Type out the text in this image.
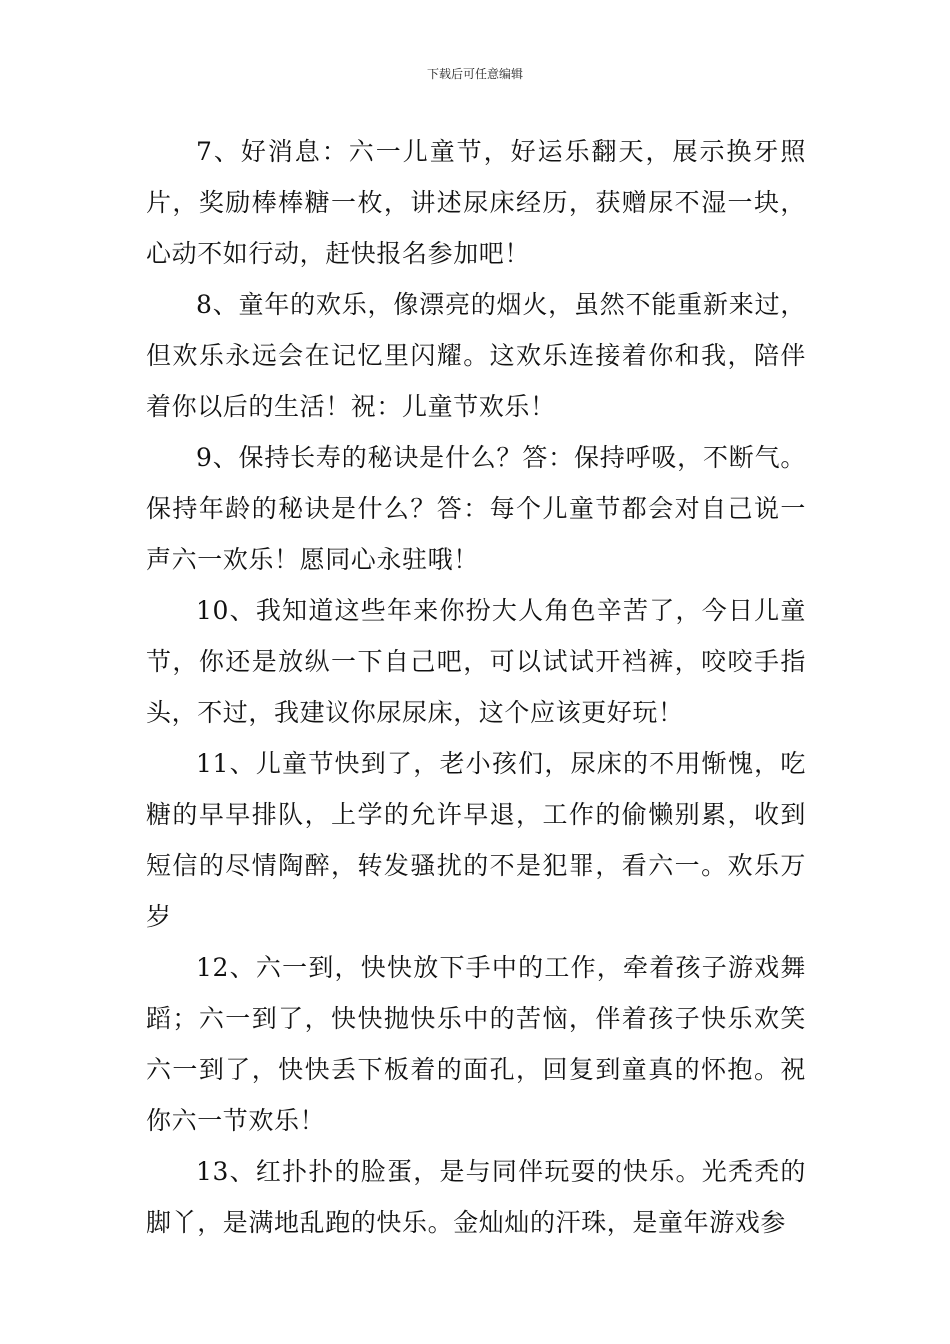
下载后可任意编辑

7、好消息：六一儿童节，好运乐翻天，展示换牙照片，奖励棒棒糖一枚，讲述尿床经历，获赠尿不湿一块，心动不如行动，赶快报名参加吧！

8、童年的欢乐，像漂亮的烟火，虽然不能重新来过，但欢乐永远会在记忆里闪耀。这欢乐连接着你和我，陪伴着你以后的生活！祝：儿童节欢乐！

9、保持长寿的秘诀是什么？答：保持呼吸，不断气。保持年龄的秘诀是什么？答：每个儿童节都会对自己说一声六一欢乐！愿同心永驻哦！

10、我知道这些年来你扮大人角色辛苦了，今日儿童节，你还是放纵一下自己吧，可以试试开裆裤，咬咬手指头，不过，我建议你尿尿床，这个应该更好玩！

11、儿童节快到了，老小孩们，尿床的不用惭愧，吃糖的早早排队，上学的允许早退，工作的偷懒别累，收到短信的尽情陶醉，转发骚扰的不是犯罪，看六一。欢乐万岁

12、六一到，快快放下手中的工作，牵着孩子游戏舞蹈；六一到了，快快抛快乐中的苦恼，伴着孩子快乐欢笑六一到了，快快丢下板着的面孔，回复到童真的怀抱。祝你六一节欢乐！

13、红扑扑的脸蛋，是与同伴玩耍的快乐。光秃秃的脚丫，是满地乱跑的快乐。金灿灿的汗珠，是童年游戏参
